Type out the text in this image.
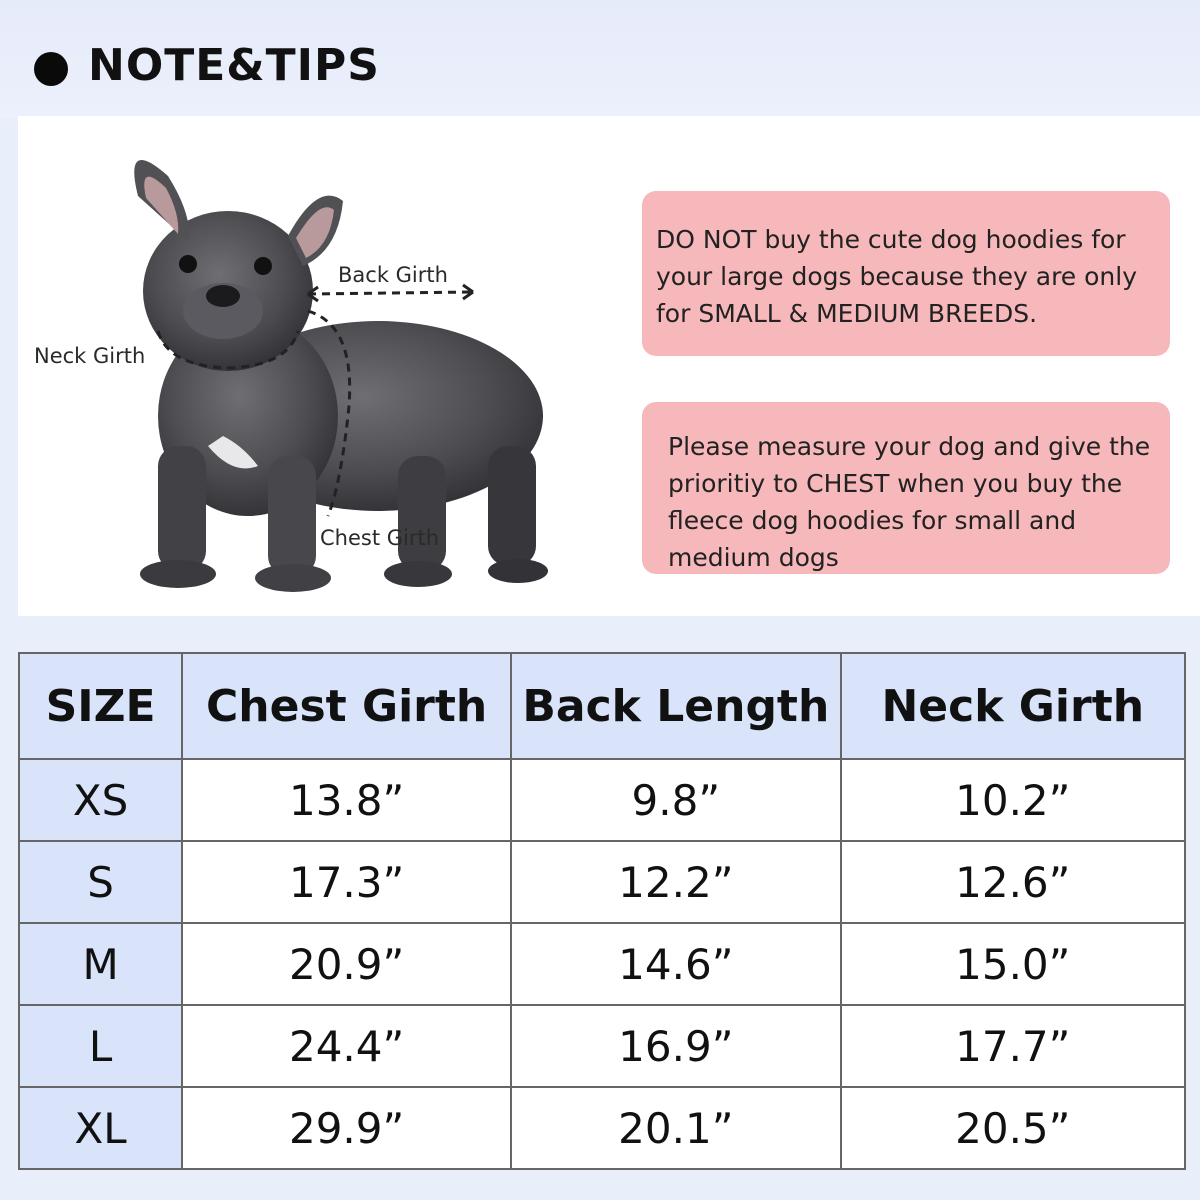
NOTE&TIPS
Back Girth
Neck Girth
Chest Girth
DO NOT buy the cute dog hoodies for your large dogs because they are only for SMALL & MEDIUM BREEDS.
Please measure your dog and give the prioritiy to CHEST when you buy the fleece dog hoodies for small and medium dogs
SIZE	Chest Girth	Back Length	Neck Girth
XS	13.8”	9.8”	10.2”
S	17.3”	12.2”	12.6”
M	20.9”	14.6”	15.0”
L	24.4”	16.9”	17.7”
XL	29.9”	20.1”	20.5”
